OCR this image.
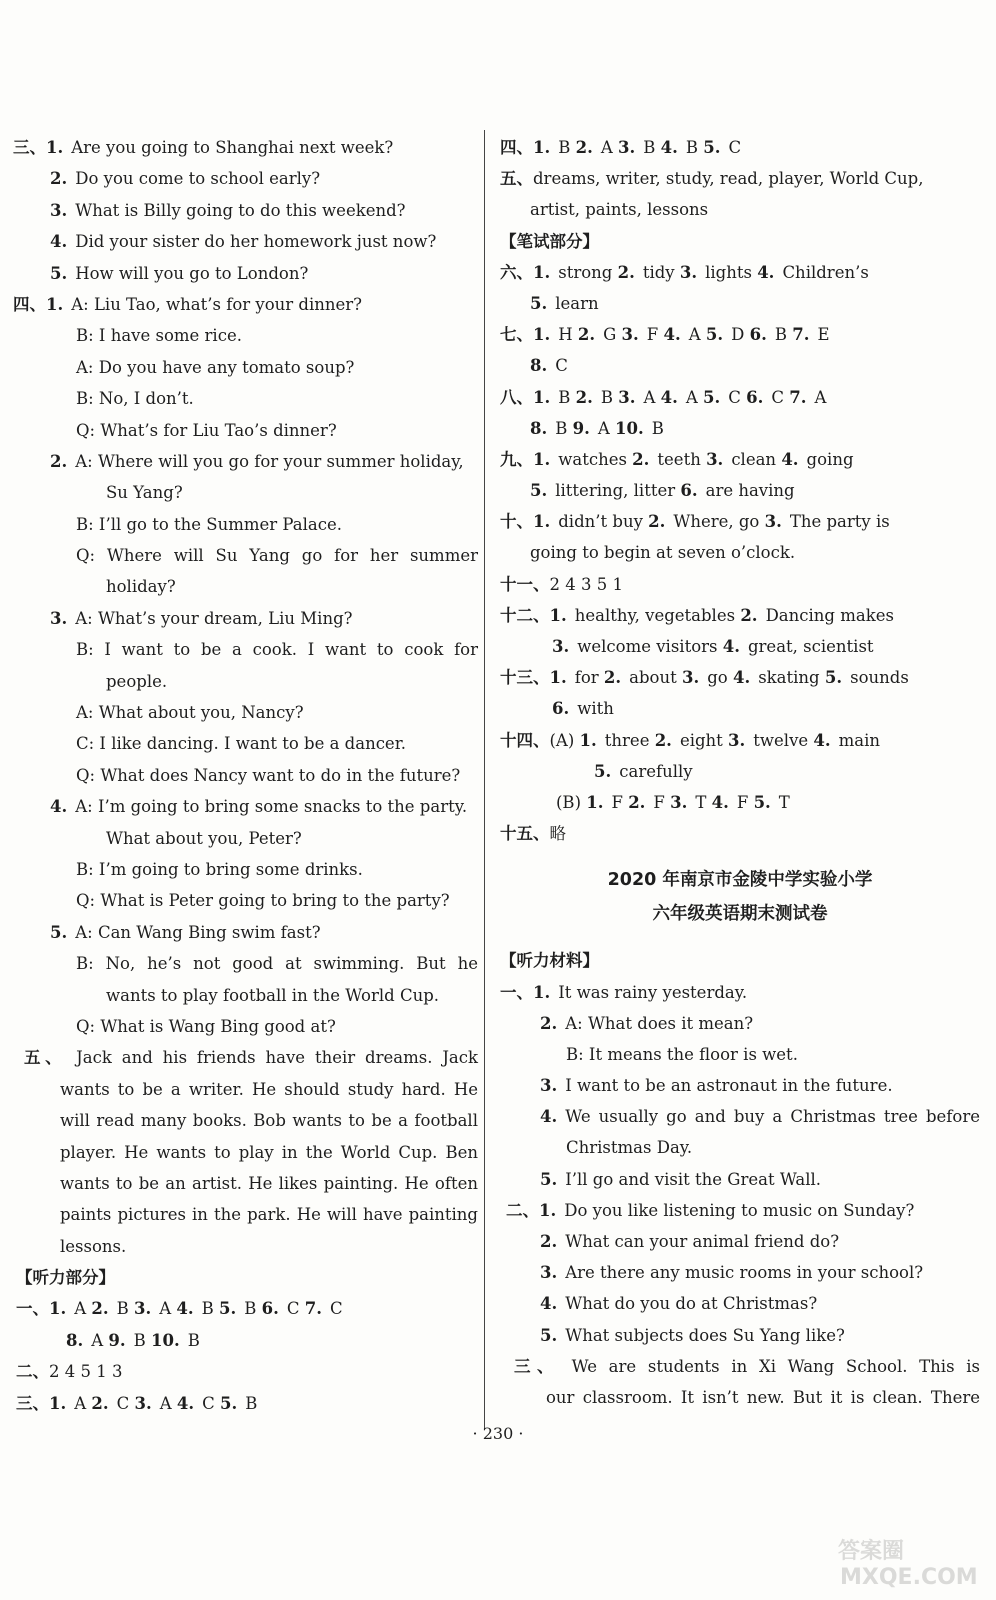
三、1. Are you going to Shanghai next week?
2. Do you come to school early?
3. What is Billy going to do this weekend?
4. Did your sister do her homework just now?
5. How will you go to London?
四、1. A: Liu Tao, what’s for your dinner?
B: I have some rice.
A: Do you have any tomato soup?
B: No, I don’t.
Q: What’s for Liu Tao’s dinner?
2. A: Where will you go for your summer holiday,
Su Yang?
B: I’ll go to the Summer Palace.
Q: Where will Su Yang go for her summer
holiday?
3. A: What’s your dream, Liu Ming?
B: I want to be a cook. I want to cook for
people.
A: What about you, Nancy?
C: I like dancing. I want to be a dancer.
Q: What does Nancy want to do in the future?
4. A: I’m going to bring some snacks to the party.
What about you, Peter?
B: I’m going to bring some drinks.
Q: What is Peter going to bring to the party?
5. A: Can Wang Bing swim fast?
B: No, he’s not good at swimming. But he
wants to play football in the World Cup.
Q: What is Wang Bing good at?
五、 Jack and his friends have their dreams. Jack
wants to be a writer. He should study hard. He
will read many books. Bob wants to be a football
player. He wants to play in the World Cup. Ben
wants to be an artist. He likes painting. He often
paints pictures in the park. He will have painting
lessons.
【听力部分】
一、1. A 2. B 3. A 4. B 5. B 6. C 7. C
8. A 9. B 10. B
二、2 4 5 1 3
三、1. A 2. C 3. A 4. C 5. B
四、1. B 2. A 3. B 4. B 5. C
五、dreams, writer, study, read, player, World Cup,
artist, paints, lessons
【笔试部分】
六、1. strong 2. tidy 3. lights 4. Children’s
5. learn
七、1. H 2. G 3. F 4. A 5. D 6. B 7. E
8. C
八、1. B 2. B 3. A 4. A 5. C 6. C 7. A
8. B 9. A 10. B
九、1. watches 2. teeth 3. clean 4. going
5. littering, litter 6. are having
十、1. didn’t buy 2. Where, go 3. The party is
going to begin at seven o’clock.
十一、2 4 3 5 1
十二、1. healthy, vegetables 2. Dancing makes
3. welcome visitors 4. great, scientist
十三、1. for 2. about 3. go 4. skating 5. sounds
6. with
十四、(A) 1. three 2. eight 3. twelve 4. main
5. carefully
(B) 1. F 2. F 3. T 4. F 5. T
十五、略
2020 年南京市金陵中学实验小学
六年级英语期末测试卷
【听力材料】
一、1. It was rainy yesterday.
2. A: What does it mean?
B: It means the floor is wet.
3. I want to be an astronaut in the future.
4. We usually go and buy a Christmas tree before
Christmas Day.
5. I’ll go and visit the Great Wall.
二、1. Do you like listening to music on Sunday?
2. What can your animal friend do?
3. Are there any music rooms in your school?
4. What do you do at Christmas?
5. What subjects does Su Yang like?
三、 We are students in Xi Wang School. This is
our classroom. It isn’t new. But it is clean. There
· 230 ·
答案圈
MXQE.COM
